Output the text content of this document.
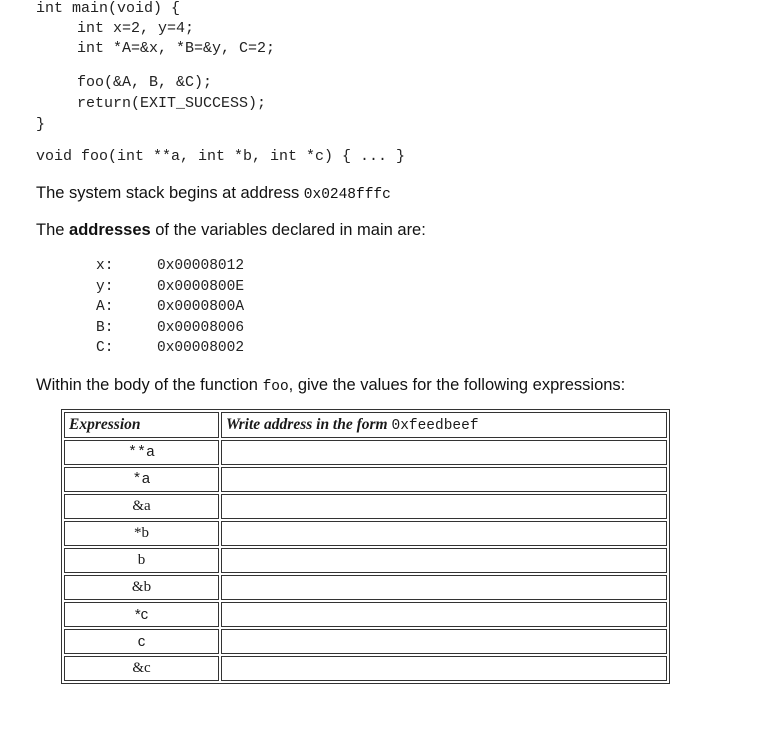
int main(void) {
int x=2, y=4;
int *A=&x, *B=&y, C=2;
foo(&A, B, &C);
return(EXIT_SUCCESS);
}
void foo(int **a, int *b, int *c) { ... }
The system stack begins at address 0x0248fffc
The addresses of the variables declared in main are:
x:	0x00008012
y:	0x0000800E
A:	0x0000800A
B:	0x00008006
C:	0x00008002
Within the body of the function foo, give the values for the following expressions:
Expression	Write address in the form 0xfeedbeef
**a	
*a	
&a	
*b	
b	
&b	
*c	
c	
&c	
